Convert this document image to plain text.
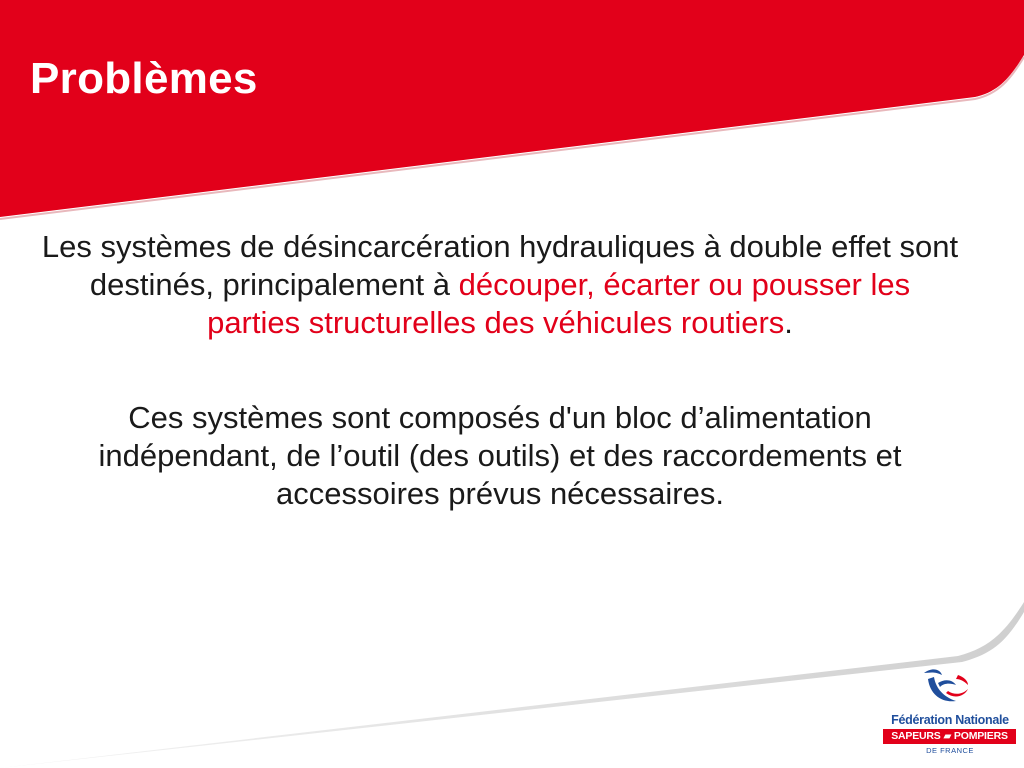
Problèmes

Les systèmes de désincarcération hydrauliques à double effet sont destinés, principalement à découper, écarter ou pousser les parties structurelles des véhicules routiers.

Ces systèmes sont composés d'un bloc d’alimentation indépendant, de l’outil (des outils) et des raccordements et accessoires prévus nécessaires.

Fédération Nationale
SAPEURS ▰ POMPIERS
DE FRANCE
